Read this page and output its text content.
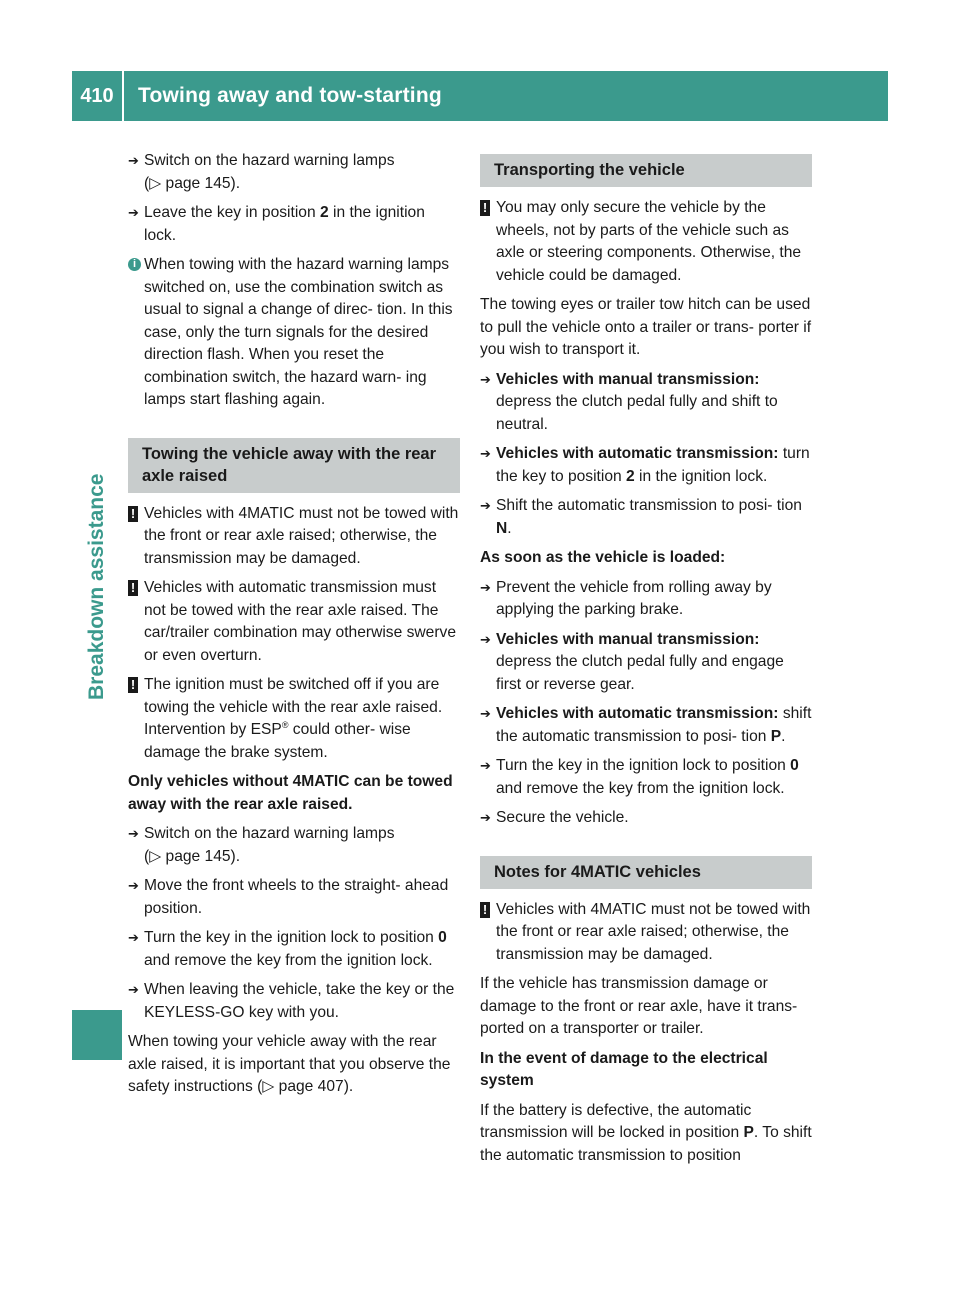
410	Towing away and tow-starting
Breakdown assistance
➔ Switch on the hazard warning lamps
(▷ page 145).
➔ Leave the key in position 2 in the ignition lock.
i When towing with the hazard warning lamps switched on, use the combination switch as usual to signal a change of direc- tion. In this case, only the turn signals for the desired direction flash. When you reset the combination switch, the hazard warn- ing lamps start flashing again.
Towing the vehicle away with the rear axle raised
! Vehicles with 4MATIC must not be towed with the front or rear axle raised; otherwise, the transmission may be damaged.
! Vehicles with automatic transmission must not be towed with the rear axle raised. The car/trailer combination may otherwise swerve or even overturn.
! The ignition must be switched off if you are towing the vehicle with the rear axle raised. Intervention by ESP® could other- wise damage the brake system.
Only vehicles without 4MATIC can be towed away with the rear axle raised.
➔ Switch on the hazard warning lamps
(▷ page 145).
➔ Move the front wheels to the straight- ahead position.
➔ Turn the key in the ignition lock to position 0 and remove the key from the ignition lock.
➔ When leaving the vehicle, take the key or the KEYLESS-GO key with you.
When towing your vehicle away with the rear axle raised, it is important that you observe the safety instructions (▷ page 407).
Transporting the vehicle
! You may only secure the vehicle by the wheels, not by parts of the vehicle such as axle or steering components. Otherwise, the vehicle could be damaged.
The towing eyes or trailer tow hitch can be used to pull the vehicle onto a trailer or trans- porter if you wish to transport it.
➔ Vehicles with manual transmission: depress the clutch pedal fully and shift to neutral.
➔ Vehicles with automatic transmission: turn the key to position 2 in the ignition lock.
➔ Shift the automatic transmission to posi- tion N.
As soon as the vehicle is loaded:
➔ Prevent the vehicle from rolling away by applying the parking brake.
➔ Vehicles with manual transmission: depress the clutch pedal fully and engage first or reverse gear.
➔ Vehicles with automatic transmission: shift the automatic transmission to posi- tion P.
➔ Turn the key in the ignition lock to position 0 and remove the key from the ignition lock.
➔ Secure the vehicle.
Notes for 4MATIC vehicles
! Vehicles with 4MATIC must not be towed with the front or rear axle raised; otherwise, the transmission may be damaged.
If the vehicle has transmission damage or damage to the front or rear axle, have it trans- ported on a transporter or trailer.
In the event of damage to the electrical system
If the battery is defective, the automatic transmission will be locked in position P. To shift the automatic transmission to position
